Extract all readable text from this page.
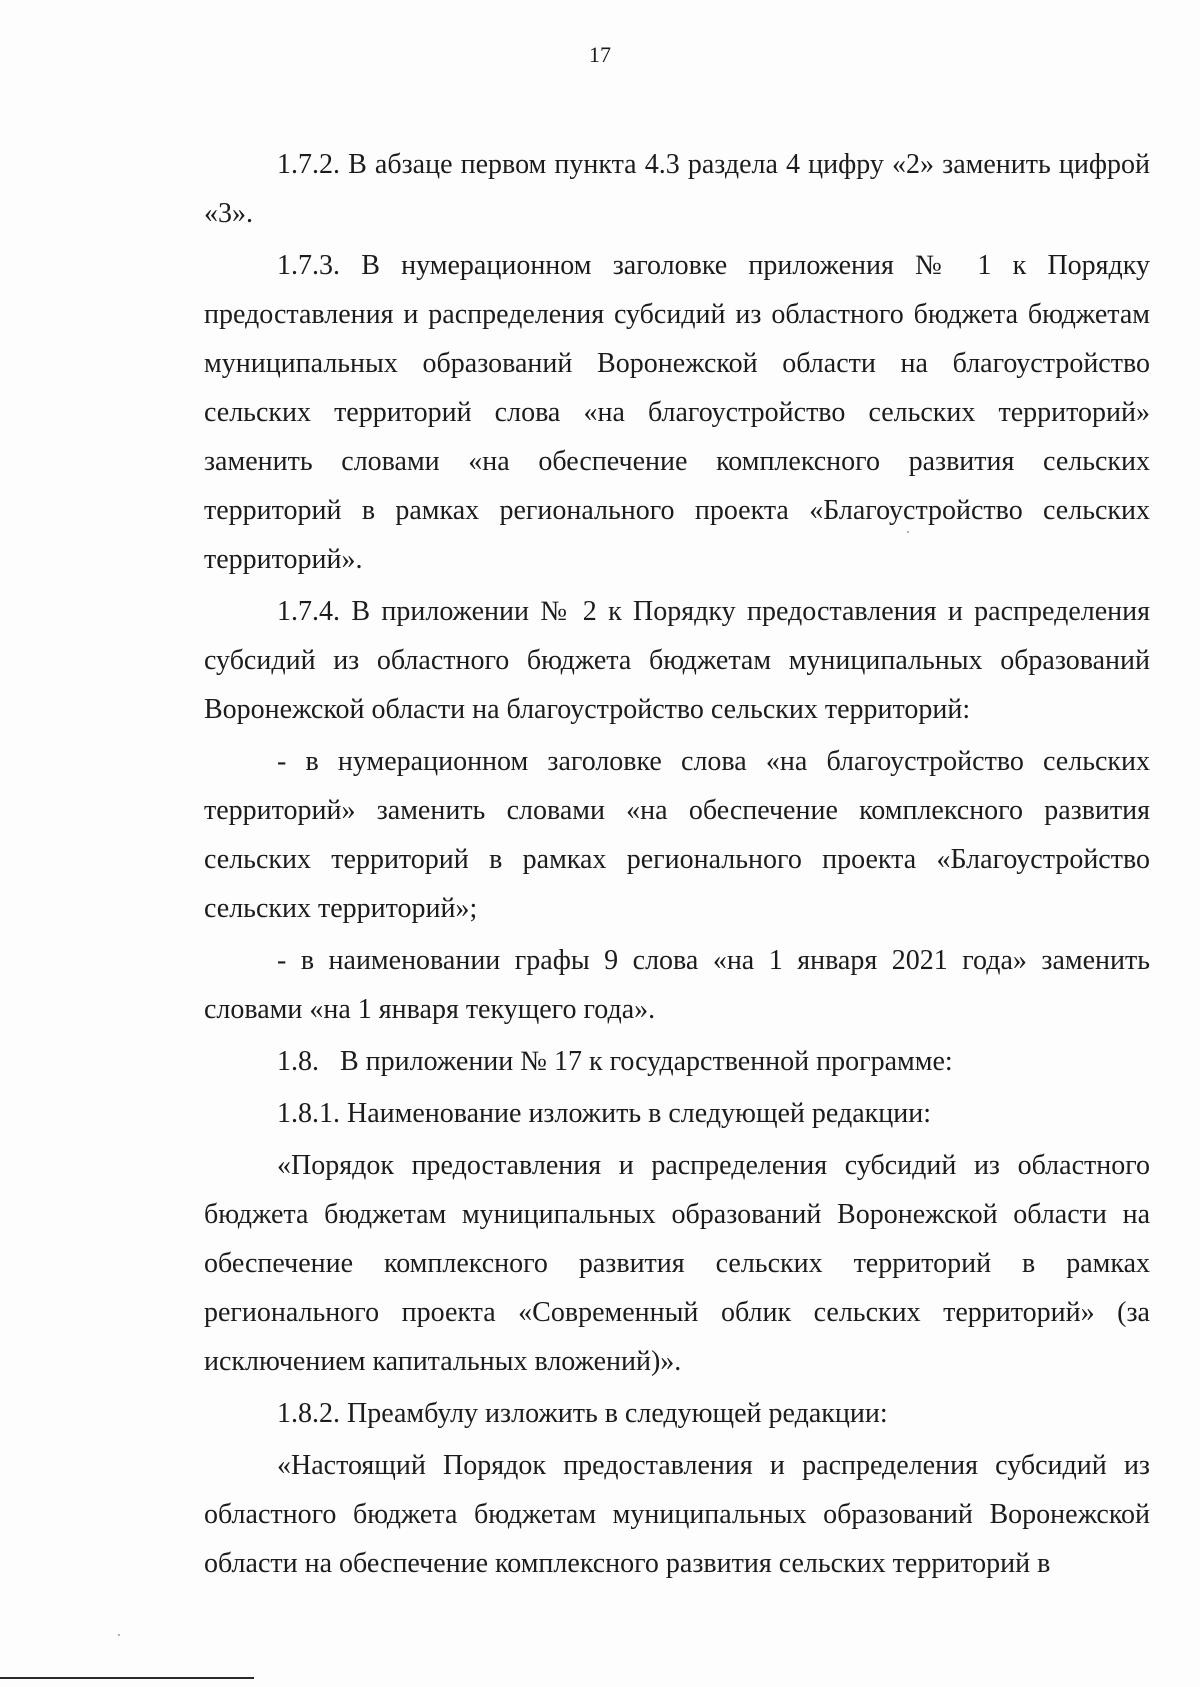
17

1.7.2. В абзаце первом пункта 4.3 раздела 4 цифру «2» заменить цифрой «3».

1.7.3. В нумерационном заголовке приложения № 1 к Порядку предоставления и распределения субсидий из областного бюджета бюджетам муниципальных образований Воронежской области на благоустройство сельских территорий слова «на благоустройство сельских территорий» заменить словами «на обеспечение комплексного развития сельских территорий в рамках регионального проекта «Благоустройство сельских территорий».

1.7.4. В приложении № 2 к Порядку предоставления и распределения субсидий из областного бюджета бюджетам муниципальных образований Воронежской области на благоустройство сельских территорий:

- в нумерационном заголовке слова «на благоустройство сельских территорий» заменить словами «на обеспечение комплексного развития сельских территорий в рамках регионального проекта «Благоустройство сельских территорий»;

- в наименовании графы 9 слова «на 1 января 2021 года» заменить словами «на 1 января текущего года».

1.8.   В приложении № 17 к государственной программе:

1.8.1. Наименование изложить в следующей редакции:

«Порядок предоставления и распределения субсидий из областного бюджета бюджетам муниципальных образований Воронежской области на обеспечение комплексного развития сельских территорий в рамках регионального проекта «Современный облик сельских территорий» (за исключением капитальных вложений)».

1.8.2. Преамбулу изложить в следующей редакции:

«Настоящий Порядок предоставления и распределения субсидий из областного бюджета бюджетам муниципальных образований Воронежской области на обеспечение комплексного развития сельских территорий в
